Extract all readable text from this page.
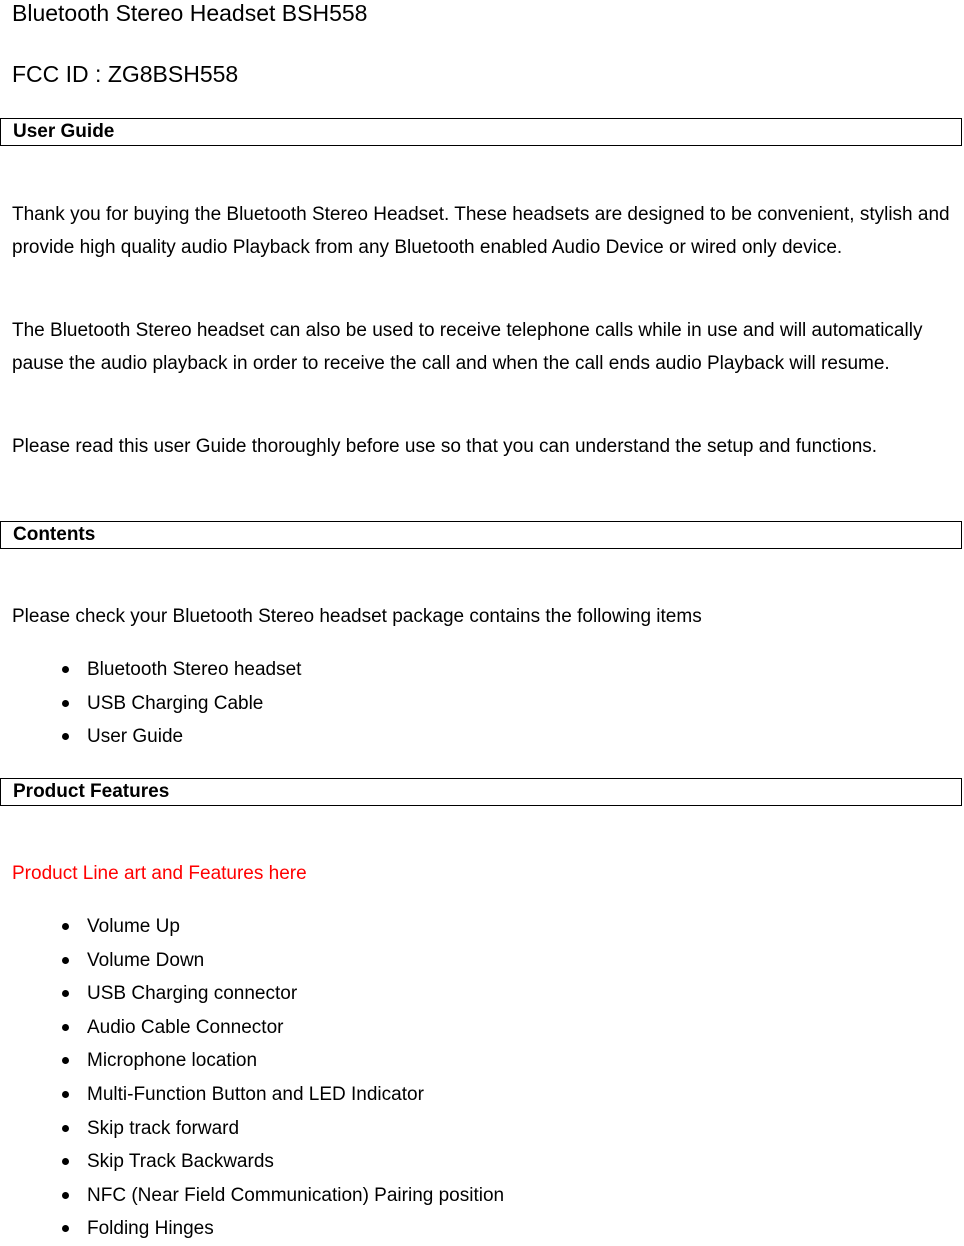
Bluetooth Stereo Headset BSH558
FCC ID : ZG8BSH558
User Guide
Thank you for buying the Bluetooth Stereo Headset. These headsets are designed to be convenient, stylish and provide high quality audio Playback from any Bluetooth enabled Audio Device or wired only device.
The Bluetooth Stereo headset can also be used to receive telephone calls while in use and will automatically pause the audio playback in order to receive the call and when the call ends audio Playback will resume.
Please read this user Guide thoroughly before use so that you can understand the setup and functions.
Contents
Please check your Bluetooth Stereo headset package contains the following items
Bluetooth Stereo headset
USB Charging Cable
User Guide
Product Features
Product Line art and Features here
Volume Up
Volume Down
USB Charging connector
Audio Cable Connector
Microphone location
Multi-Function Button and LED Indicator
Skip track forward
Skip Track Backwards
NFC (Near Field Communication) Pairing position
Folding Hinges
